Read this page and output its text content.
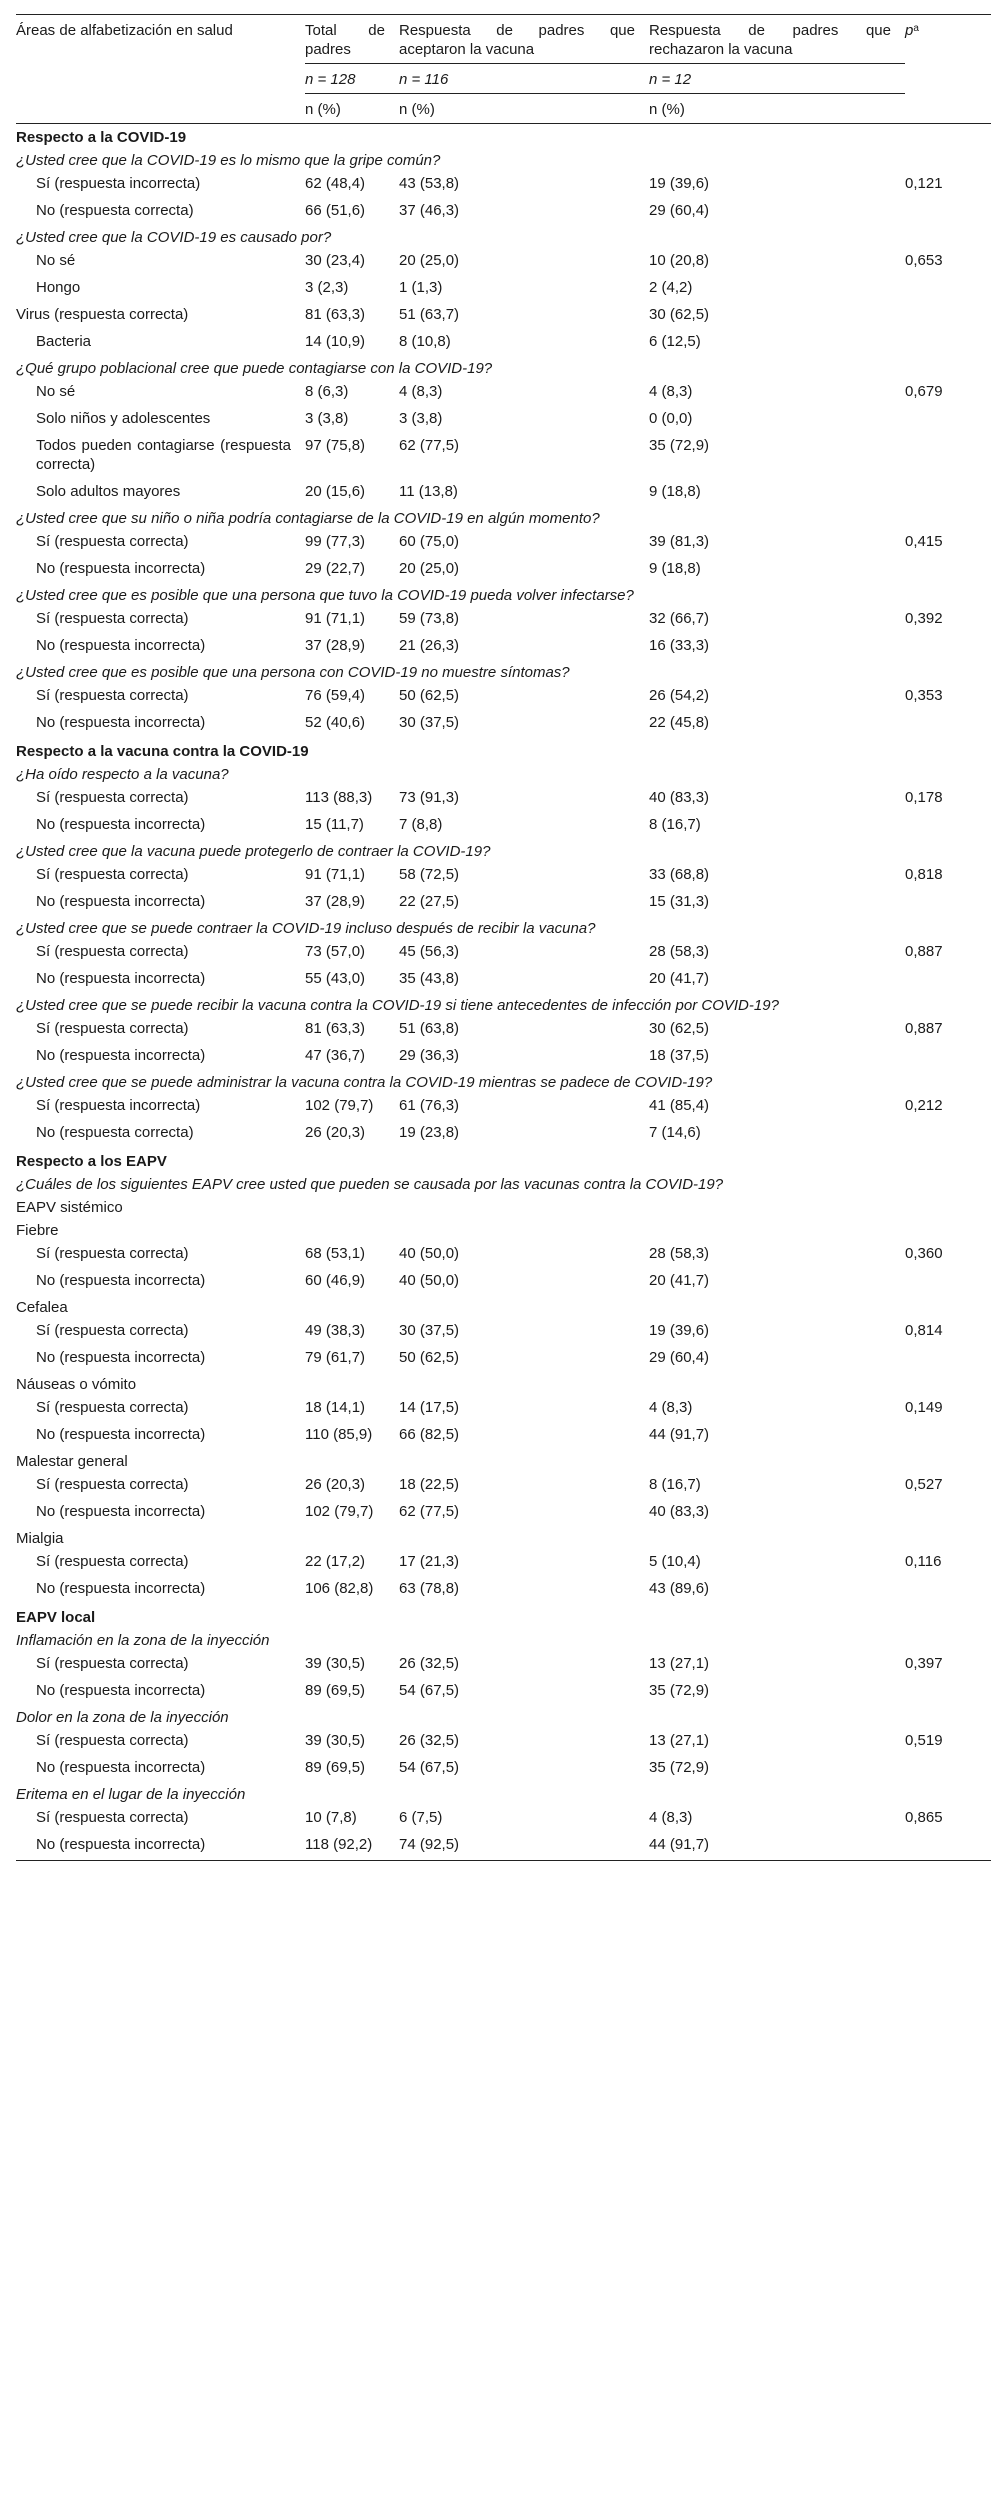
Áreas de alfabetización en salud	Total de padres	Respuesta de padres que aceptaron la vacuna	Respuesta de padres que rechazaron la vacuna	$p^a$
	n = 128	n = 116	n = 12	
	n (%)	n (%)	n (%)	
Respecto a la COVID-19				
¿Usted cree que la COVID-19 es lo mismo que la gripe común?				
Sí (respuesta incorrecta)	62 (48,4)	43 (53,8)	19 (39,6)	0,121
No (respuesta correcta)	66 (51,6)	37 (46,3)	29 (60,4)	
¿Usted cree que la COVID-19 es causado por?				
No sé	30 (23,4)	20 (25,0)	10 (20,8)	0,653
Hongo	3 (2,3)	1 (1,3)	2 (4,2)	
Virus (respuesta correcta)	81 (63,3)	51 (63,7)	30 (62,5)	
Bacteria	14 (10,9)	8 (10,8)	6 (12,5)	
¿Qué grupo poblacional cree que puede contagiarse con la COVID-19?				
No sé	8 (6,3)	4 (8,3)	4 (8,3)	0,679
Solo niños y adolescentes	3 (3,8)	3 (3,8)	0 (0,0)	
Todos pueden contagiarse (respuesta correcta)	97 (75,8)	62 (77,5)	35 (72,9)	
Solo adultos mayores	20 (15,6)	11 (13,8)	9 (18,8)	
¿Usted cree que su niño o niña podría contagiarse de la COVID-19 en algún momento?				
Sí (respuesta correcta)	99 (77,3)	60 (75,0)	39 (81,3)	0,415
No (respuesta incorrecta)	29 (22,7)	20 (25,0)	9 (18,8)	
¿Usted cree que es posible que una persona que tuvo la COVID-19 pueda volver infectarse?				
Sí (respuesta correcta)	91 (71,1)	59 (73,8)	32 (66,7)	0,392
No (respuesta incorrecta)	37 (28,9)	21 (26,3)	16 (33,3)	
¿Usted cree que es posible que una persona con COVID-19 no muestre síntomas?				
Sí (respuesta correcta)	76 (59,4)	50 (62,5)	26 (54,2)	0,353
No (respuesta incorrecta)	52 (40,6)	30 (37,5)	22 (45,8)	
Respecto a la vacuna contra la COVID-19				
¿Ha oído respecto a la vacuna?				
Sí (respuesta correcta)	113 (88,3)	73 (91,3)	40 (83,3)	0,178
No (respuesta incorrecta)	15 (11,7)	7 (8,8)	8 (16,7)	
¿Usted cree que la vacuna puede protegerlo de contraer la COVID-19?				
Sí (respuesta correcta)	91 (71,1)	58 (72,5)	33 (68,8)	0,818
No (respuesta incorrecta)	37 (28,9)	22 (27,5)	15 (31,3)	
¿Usted cree que se puede contraer la COVID-19 incluso después de recibir la vacuna?				
Sí (respuesta correcta)	73 (57,0)	45 (56,3)	28 (58,3)	0,887
No (respuesta incorrecta)	55 (43,0)	35 (43,8)	20 (41,7)	
¿Usted cree que se puede recibir la vacuna contra la COVID-19 si tiene antecedentes de infección por COVID-19?				
Sí (respuesta correcta)	81 (63,3)	51 (63,8)	30 (62,5)	0,887
No (respuesta incorrecta)	47 (36,7)	29 (36,3)	18 (37,5)	
¿Usted cree que se puede administrar la vacuna contra la COVID-19 mientras se padece de COVID-19?				
Sí (respuesta incorrecta)	102 (79,7)	61 (76,3)	41 (85,4)	0,212
No (respuesta correcta)	26 (20,3)	19 (23,8)	7 (14,6)	
Respecto a los EAPV				
¿Cuáles de los siguientes EAPV cree usted que pueden se causada por las vacunas contra la COVID-19?				
EAPV sistémico				
Fiebre				
Sí (respuesta correcta)	68 (53,1)	40 (50,0)	28 (58,3)	0,360
No (respuesta incorrecta)	60 (46,9)	40 (50,0)	20 (41,7)	
Cefalea				
Sí (respuesta correcta)	49 (38,3)	30 (37,5)	19 (39,6)	0,814
No (respuesta incorrecta)	79 (61,7)	50 (62,5)	29 (60,4)	
Náuseas o vómito				
Sí (respuesta correcta)	18 (14,1)	14 (17,5)	4 (8,3)	0,149
No (respuesta incorrecta)	110 (85,9)	66 (82,5)	44 (91,7)	
Malestar general				
Sí (respuesta correcta)	26 (20,3)	18 (22,5)	8 (16,7)	0,527
No (respuesta incorrecta)	102 (79,7)	62 (77,5)	40 (83,3)	
Mialgia				
Sí (respuesta correcta)	22 (17,2)	17 (21,3)	5 (10,4)	0,116
No (respuesta incorrecta)	106 (82,8)	63 (78,8)	43 (89,6)	
EAPV local				
Inflamación en la zona de la inyección				
Sí (respuesta correcta)	39 (30,5)	26 (32,5)	13 (27,1)	0,397
No (respuesta incorrecta)	89 (69,5)	54 (67,5)	35 (72,9)	
Dolor en la zona de la inyección				
Sí (respuesta correcta)	39 (30,5)	26 (32,5)	13 (27,1)	0,519
No (respuesta incorrecta)	89 (69,5)	54 (67,5)	35 (72,9)	
Eritema en el lugar de la inyección				
Sí (respuesta correcta)	10 (7,8)	6 (7,5)	4 (8,3)	0,865
No (respuesta incorrecta)	118 (92,2)	74 (92,5)	44 (91,7)	
